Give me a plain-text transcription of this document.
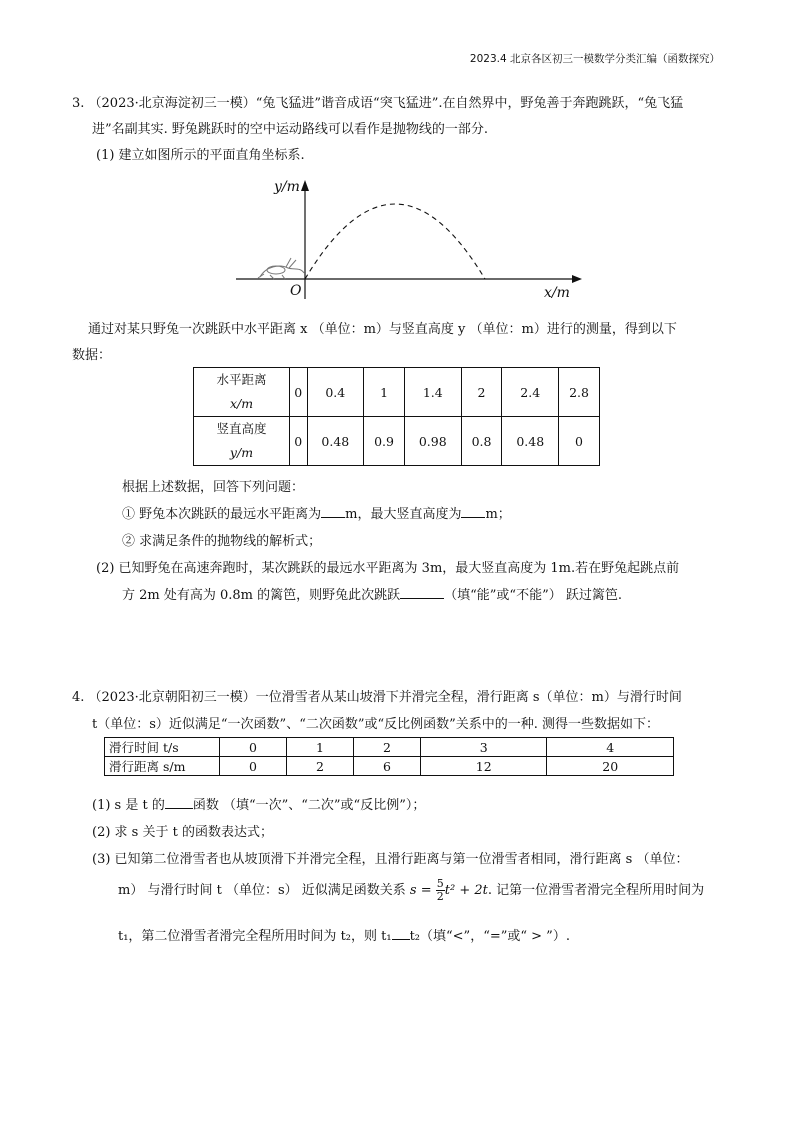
2023.4 北京各区初三一模数学分类汇编（函数探究）
3. （2023·北京海淀初三一模）“兔飞猛进”谐音成语“突飞猛进”.在自然界中，野兔善于奔跑跳跃，“兔飞猛
进”名副其实. 野兔跳跃时的空中运动路线可以看作是抛物线的一部分.
(1) 建立如图所示的平面直角坐标系.
y/m
x/m
O
通过对某只野兔一次跳跃中水平距离 x （单位：m）与竖直高度 y （单位：m）进行的测量，得到以下
数据：
水平距离
x/m	0	0.4	1	1.4	2	2.4	2.8

竖直高度
y/m	0	0.48	0.9	0.98	0.8	0.48	0
根据上述数据，回答下列问题：
① 野兔本次跳跃的最远水平距离为 m，最大竖直高度为 m；
② 求满足条件的抛物线的解析式；
(2) 已知野兔在高速奔跑时，某次跳跃的最远水平距离为 3m，最大竖直高度为 1m.若在野兔起跳点前
方 2m 处有高为 0.8m 的篱笆，则野兔此次跳跃	（填“能”或“不能”） 跃过篱笆.
4. （2023·北京朝阳初三一模）一位滑雪者从某山坡滑下并滑完全程，滑行距离 s（单位：m）与滑行时间
t（单位：s）近似满足“一次函数”、“二次函数”或“反比例函数”关系中的一种. 测得一些数据如下：
滑行时间 t/s	0	1	2	3	4
滑行距离 s/m	0	2	6	12	20
(1) s 是 t 的 函数 （填“一次”、“二次”或“反比例”）；
(2) 求 s 关于 t 的函数表达式；
(3) 已知第二位滑雪者也从坡顶滑下并滑完全程，且滑行距离与第一位滑雪者相同，滑行距离 s （单位：
m） 与滑行时间 t （单位：s） 近似满足函数关系 $s = \frac{5}{2} t^2 + 2t$. 记第一位滑雪者滑完全程所用时间为
t₁，第二位滑雪者滑完全程所用时间为 t₂，则 t₁ t₂（填“<”，“=”或“ > ”）.
